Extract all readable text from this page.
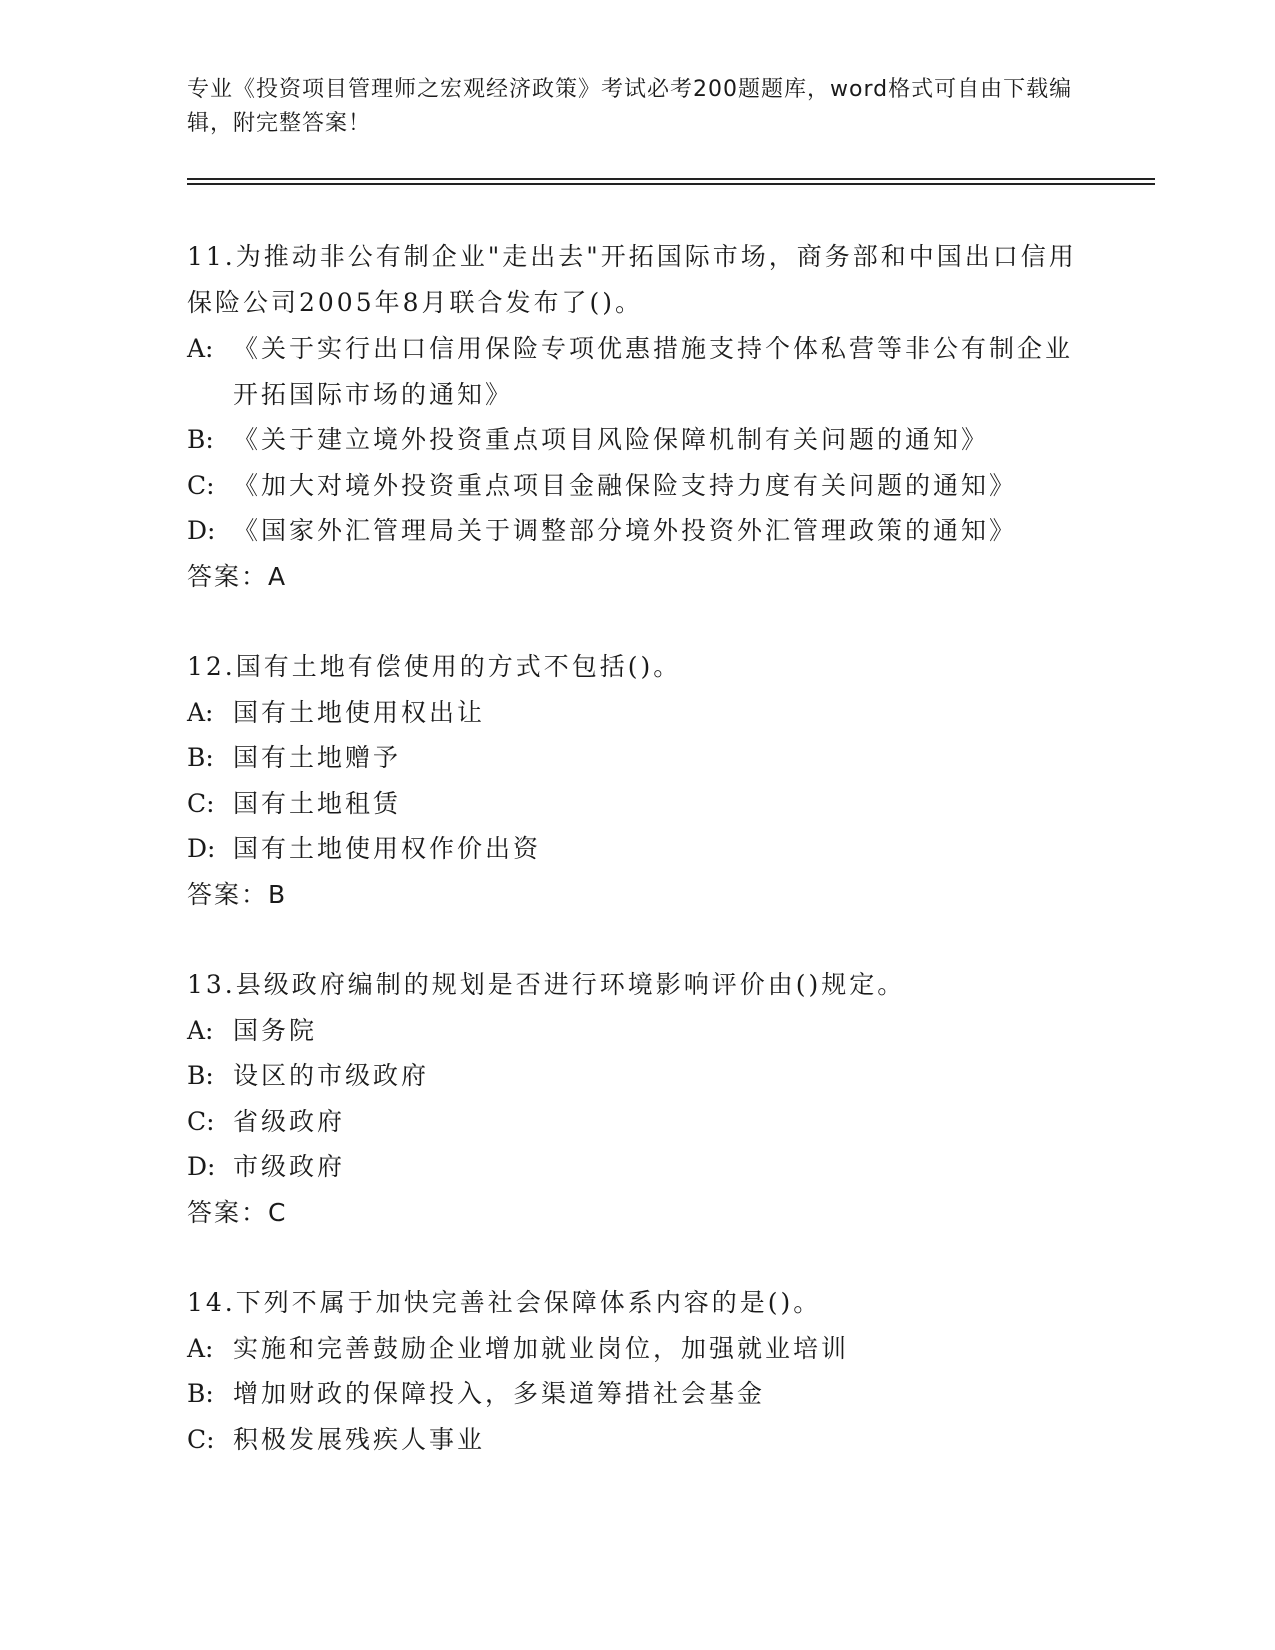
专业《投资项目管理师之宏观经济政策》考试必考200题题库，word格式可自由下载编辑，附完整答案！

11.为推动非公有制企业"走出去"开拓国际市场，商务部和中国出口信用保险公司2005年8月联合发布了()。

A: 《关于实行出口信用保险专项优惠措施支持个体私营等非公有制企业开拓国际市场的通知》

B: 《关于建立境外投资重点项目风险保障机制有关问题的通知》

C: 《加大对境外投资重点项目金融保险支持力度有关问题的通知》

D: 《国家外汇管理局关于调整部分境外投资外汇管理政策的通知》

答案：A

12.国有土地有偿使用的方式不包括()。

A: 国有土地使用权出让

B: 国有土地赠予

C: 国有土地租赁

D: 国有土地使用权作价出资

答案：B

13.县级政府编制的规划是否进行环境影响评价由()规定。

A: 国务院

B: 设区的市级政府

C: 省级政府

D: 市级政府

答案：C

14.下列不属于加快完善社会保障体系内容的是()。

A: 实施和完善鼓励企业增加就业岗位，加强就业培训

B: 增加财政的保障投入，多渠道筹措社会基金

C: 积极发展残疾人事业
